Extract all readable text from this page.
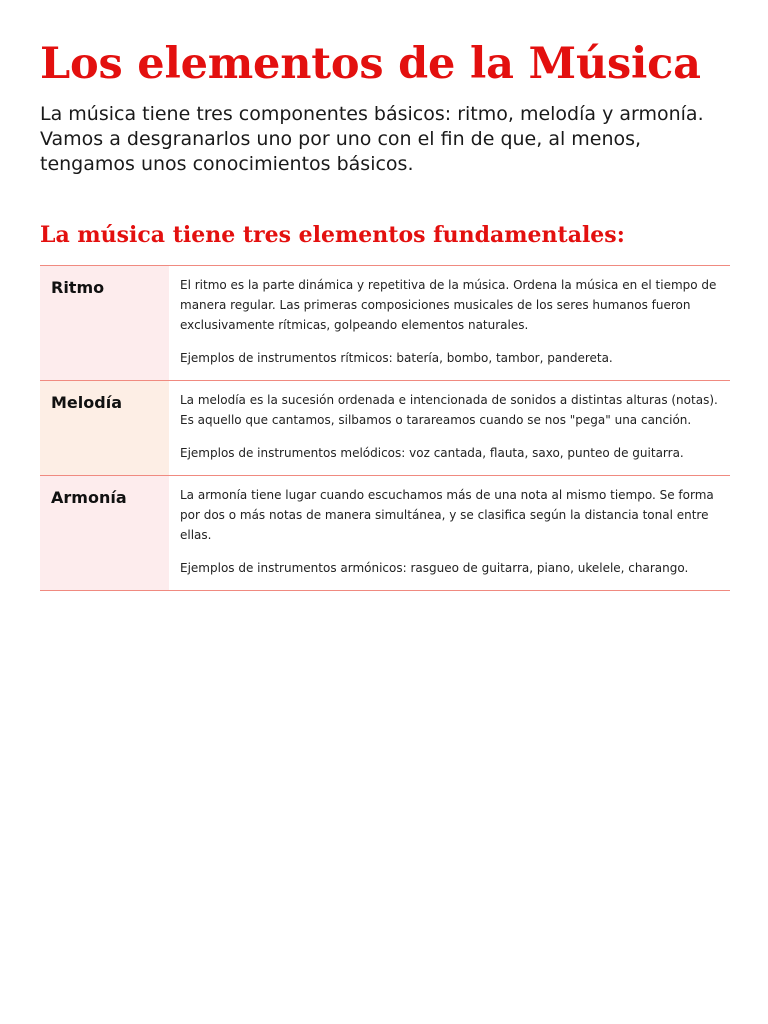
Los elementos de la Música

La música tiene tres componentes básicos: ritmo, melodía y armonía. Vamos a desgranarlos uno por uno con el fin de que, al menos, tengamos unos conocimientos básicos.

La música tiene tres elementos fundamentales:
Ritmo	El ritmo es la parte dinámica y repetitiva de la música. Ordena la música en el tiempo de manera regular. Las primeras composiciones musicales de los seres humanos fueron exclusivamente rítmicas, golpeando elementos naturales.

Ejemplos de instrumentos rítmicos: batería, bombo, tambor, pandereta.

Melodía	La melodía es la sucesión ordenada e intencionada de sonidos a distintas alturas (notas). Es aquello que cantamos, silbamos o tarareamos cuando se nos "pega" una canción.

Ejemplos de instrumentos melódicos: voz cantada, flauta, saxo, punteo de guitarra.

Armonía	La armonía tiene lugar cuando escuchamos más de una nota al mismo tiempo. Se forma por dos o más notas de manera simultánea, y se clasifica según la distancia tonal entre ellas.

Ejemplos de instrumentos armónicos: rasgueo de guitarra, piano, ukelele, charango.
